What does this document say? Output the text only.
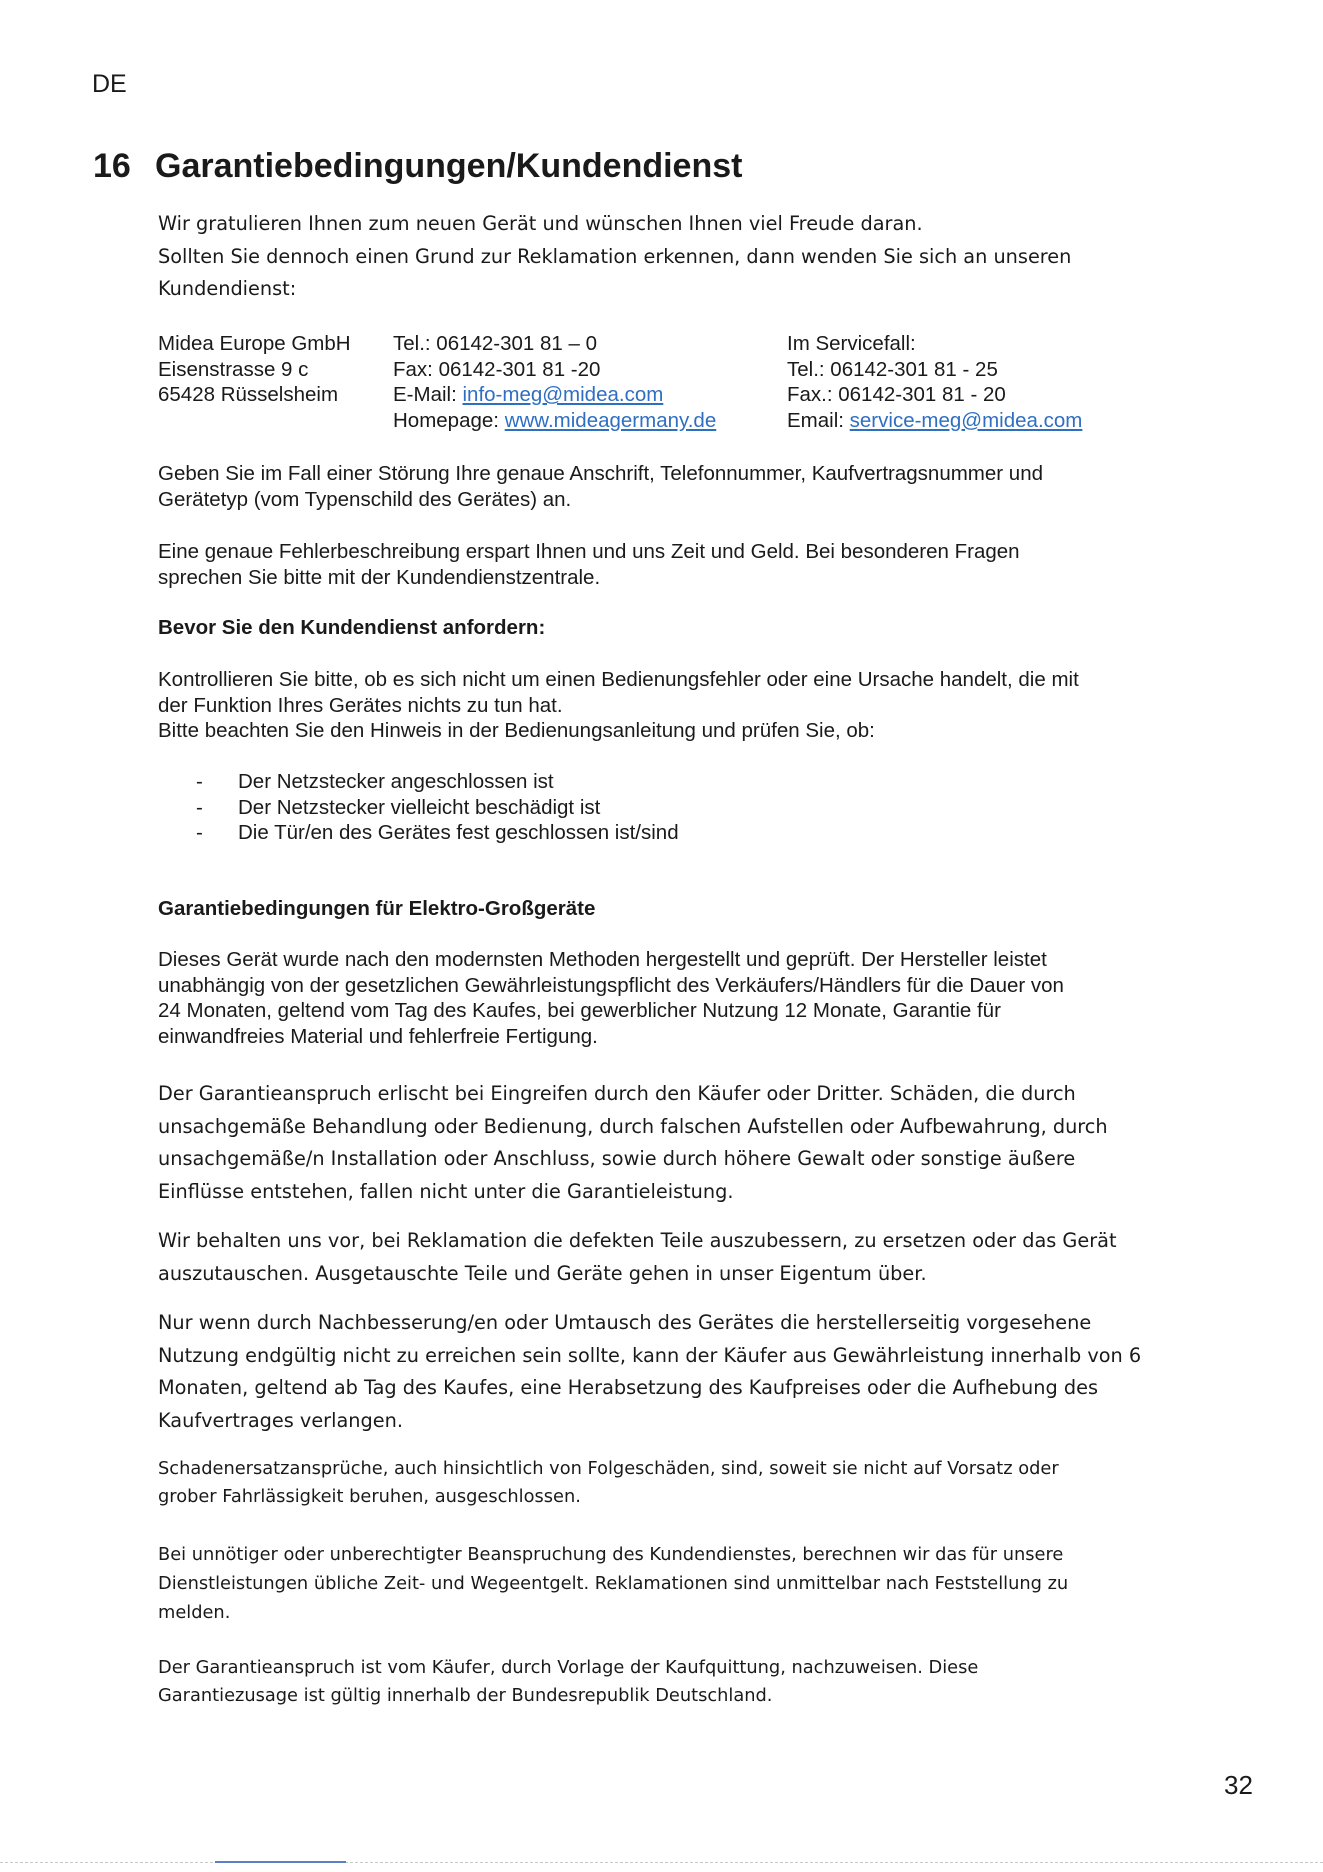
DE
16 Garantiebedingungen/Kundendienst

Wir gratulieren Ihnen zum neuen Gerät und wünschen Ihnen viel Freude daran.
Sollten Sie dennoch einen Grund zur Reklamation erkennen, dann wenden Sie sich an unseren
Kundendienst:

Midea Europe GmbH
Eisenstrasse 9 c
65428 Rüsselsheim
Tel.: 06142-301 81 – 0
Fax: 06142-301 81 -20
E-Mail: info-meg@midea.com
Homepage: www.mideagermany.de
Im Servicefall:
Tel.: 06142-301 81 - 25
Fax.: 06142-301 81 - 20
Email: service-meg@midea.com

Geben Sie im Fall einer Störung Ihre genaue Anschrift, Telefonnummer, Kaufvertragsnummer und
Gerätetyp (vom Typenschild des Gerätes) an.

Eine genaue Fehlerbeschreibung erspart Ihnen und uns Zeit und Geld. Bei besonderen Fragen
sprechen Sie bitte mit der Kundendienstzentrale.

Bevor Sie den Kundendienst anfordern:

Kontrollieren Sie bitte, ob es sich nicht um einen Bedienungsfehler oder eine Ursache handelt, die mit
der Funktion Ihres Gerätes nichts zu tun hat.
Bitte beachten Sie den Hinweis in der Bedienungsanleitung und prüfen Sie, ob:

- Der Netzstecker angeschlossen ist
- Der Netzstecker vielleicht beschädigt ist
- Die Tür/en des Gerätes fest geschlossen ist/sind

Garantiebedingungen für Elektro-Großgeräte

Dieses Gerät wurde nach den modernsten Methoden hergestellt und geprüft. Der Hersteller leistet
unabhängig von der gesetzlichen Gewährleistungspflicht des Verkäufers/Händlers für die Dauer von
24 Monaten, geltend vom Tag des Kaufes, bei gewerblicher Nutzung 12 Monate, Garantie für
einwandfreies Material und fehlerfreie Fertigung.

Der Garantieanspruch erlischt bei Eingreifen durch den Käufer oder Dritter. Schäden, die durch
unsachgemäße Behandlung oder Bedienung, durch falschen Aufstellen oder Aufbewahrung, durch
unsachgemäße/n Installation oder Anschluss, sowie durch höhere Gewalt oder sonstige äußere
Einflüsse entstehen, fallen nicht unter die Garantieleistung.

Wir behalten uns vor, bei Reklamation die defekten Teile auszubessern, zu ersetzen oder das Gerät
auszutauschen. Ausgetauschte Teile und Geräte gehen in unser Eigentum über.

Nur wenn durch Nachbesserung/en oder Umtausch des Gerätes die herstellerseitig vorgesehene
Nutzung endgültig nicht zu erreichen sein sollte, kann der Käufer aus Gewährleistung innerhalb von 6
Monaten, geltend ab Tag des Kaufes, eine Herabsetzung des Kaufpreises oder die Aufhebung des
Kaufvertrages verlangen.

Schadenersatzansprüche, auch hinsichtlich von Folgeschäden, sind, soweit sie nicht auf Vorsatz oder
grober Fahrlässigkeit beruhen, ausgeschlossen.

Bei unnötiger oder unberechtigter Beanspruchung des Kundendienstes, berechnen wir das für unsere
Dienstleistungen übliche Zeit- und Wegeentgelt. Reklamationen sind unmittelbar nach Feststellung zu
melden.

Der Garantieanspruch ist vom Käufer, durch Vorlage der Kaufquittung, nachzuweisen. Diese
Garantiezusage ist gültig innerhalb der Bundesrepublik Deutschland.

32
